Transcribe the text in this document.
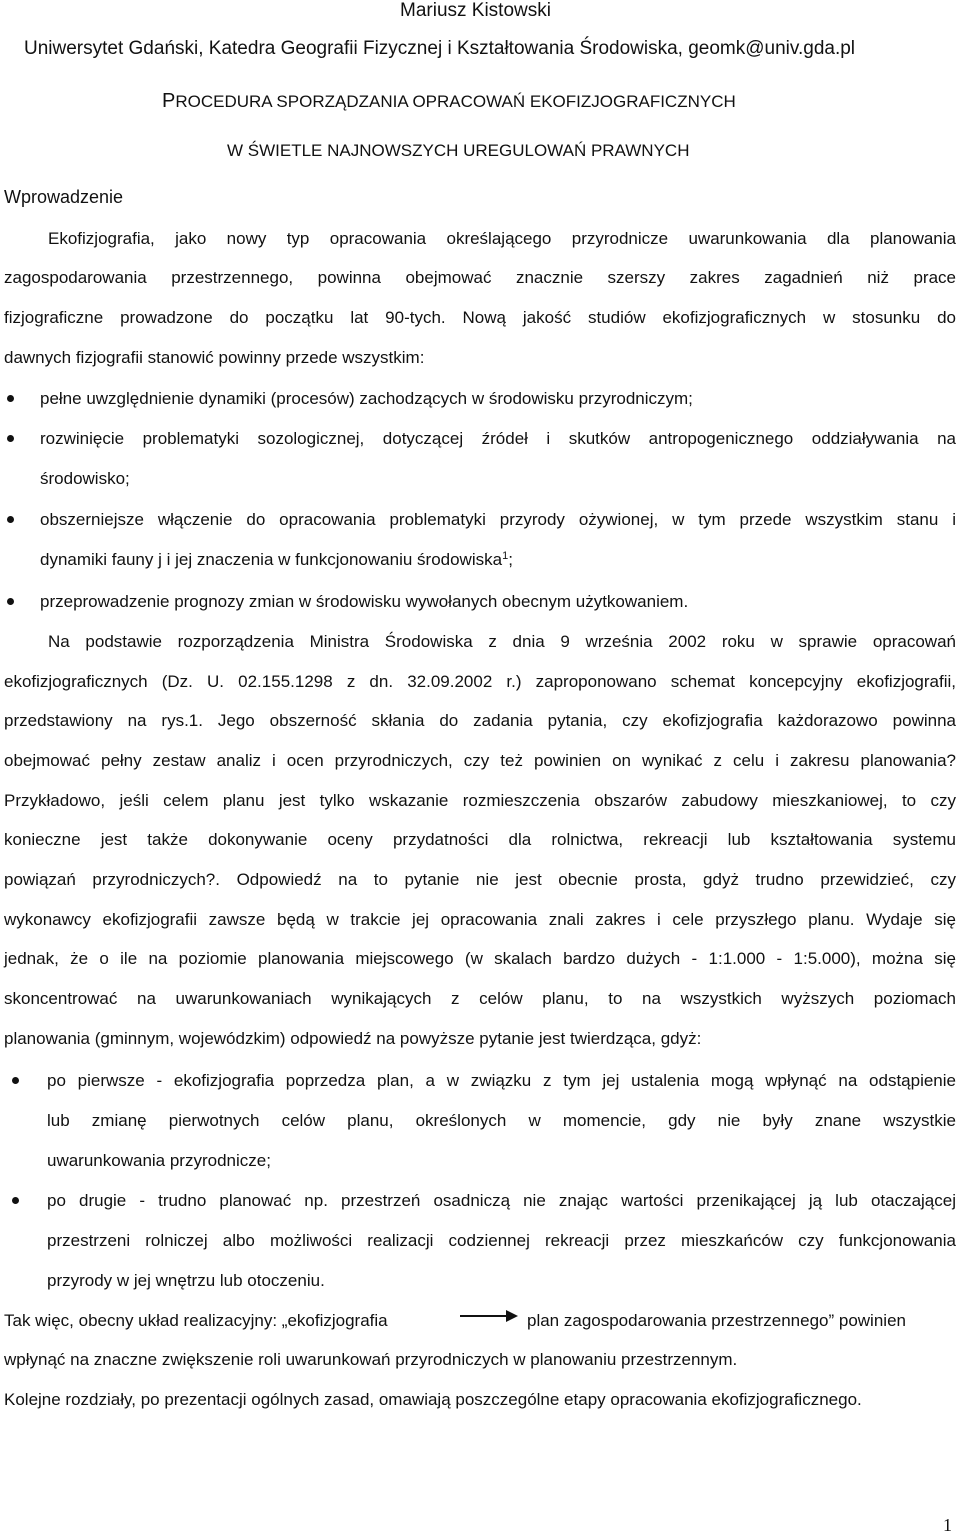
Mariusz Kistowski
Uniwersytet Gdański, Katedra Geografii Fizycznej i Kształtowania Środowiska, geomk@univ.gda.pl
PROCEDURA SPORZĄDZANIA OPRACOWAŃ EKOFIZJOGRAFICZNYCH
W ŚWIETLE NAJNOWSZYCH UREGULOWAŃ PRAWNYCH
Wprowadzenie
Ekofizjografia, jako nowy typ opracowania określającego przyrodnicze uwarunkowania dla planowania
zagospodarowania przestrzennego, powinna obejmować znacznie szerszy zakres zagadnień niż prace
fizjograficzne prowadzone do początku lat 90-tych. Nową jakość studiów ekofizjograficznych w stosunku do
dawnych fizjografii stanowić powinny przede wszystkim:
pełne uwzględnienie dynamiki (procesów) zachodzących w środowisku przyrodniczym;
rozwinięcie problematyki sozologicznej, dotyczącej źródeł i skutków antropogenicznego oddziaływania na
środowisko;
obszerniejsze włączenie do opracowania problematyki przyrody ożywionej, w tym przede wszystkim stanu i
dynamiki fauny j i jej znaczenia w funkcjonowaniu środowiska$^1$;
przeprowadzenie prognozy zmian w środowisku wywołanych obecnym użytkowaniem.
Na podstawie rozporządzenia Ministra Środowiska z dnia 9 września 2002 roku w sprawie opracowań
ekofizjograficznych (Dz. U. 02.155.1298 z dn. 32.09.2002 r.) zaproponowano schemat koncepcyjny ekofizjografii,
przedstawiony na rys.1. Jego obszerność skłania do zadania pytania, czy ekofizjografia każdorazowo powinna
obejmować pełny zestaw analiz i ocen przyrodniczych, czy też powinien on wynikać z celu i zakresu planowania?
Przykładowo, jeśli celem planu jest tylko wskazanie rozmieszczenia obszarów zabudowy mieszkaniowej, to czy
konieczne jest także dokonywanie oceny przydatności dla rolnictwa, rekreacji lub kształtowania systemu
powiązań przyrodniczych?. Odpowiedź na to pytanie nie jest obecnie prosta, gdyż trudno przewidzieć, czy
wykonawcy ekofizjografii zawsze będą w trakcie jej opracowania znali zakres i cele przyszłego planu. Wydaje się
jednak, że o ile na poziomie planowania miejscowego (w skalach bardzo dużych - 1:1.000 - 1:5.000), można się
skoncentrować na uwarunkowaniach wynikających z celów planu, to na wszystkich wyższych poziomach
planowania (gminnym, wojewódzkim) odpowiedź na powyższe pytanie jest twierdząca, gdyż:
po pierwsze - ekofizjografia poprzedza plan, a w związku z tym jej ustalenia mogą wpłynąć na odstąpienie
lub zmianę pierwotnych celów planu, określonych w momencie, gdy nie były znane wszystkie
uwarunkowania przyrodnicze;
po drugie - trudno planować np. przestrzeń osadniczą nie znając wartości przenikającej ją lub otaczającej
przestrzeni rolniczej albo możliwości realizacji codziennej rekreacji przez mieszkańców czy funkcjonowania
przyrody w jej wnętrzu lub otoczeniu.
Tak więc, obecny układ realizacyjny: „ekofizjografia	plan zagospodarowania przestrzennego” powinien
wpłynąć na znaczne zwiększenie roli uwarunkowań przyrodniczych w planowaniu przestrzennym.
Kolejne rozdziały, po prezentacji ogólnych zasad, omawiają poszczególne etapy opracowania ekofizjograficznego.
1
